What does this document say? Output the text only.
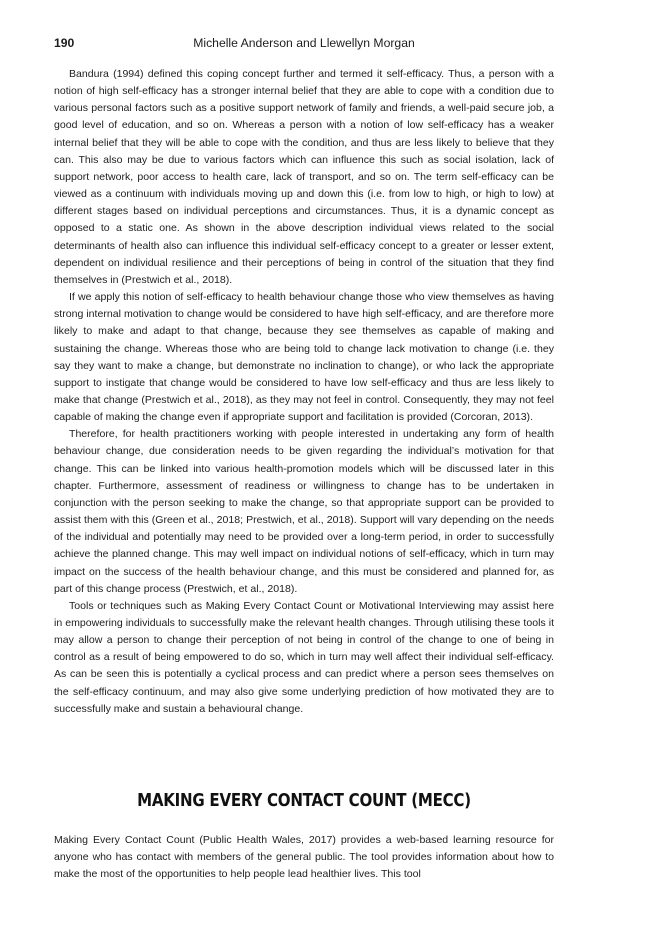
190	Michelle Anderson and Llewellyn Morgan

Bandura (1994) defined this coping concept further and termed it self-efficacy. Thus, a person with a notion of high self-efficacy has a stronger internal belief that they are able to cope with a condition due to various personal factors such as a positive support network of family and friends, a well-paid secure job, a good level of education, and so on. Whereas a person with a notion of low self-efficacy has a weaker internal belief that they will be able to cope with the condition, and thus are less likely to believe that they can. This also may be due to various factors which can influence this such as social isolation, lack of support network, poor access to health care, lack of transport, and so on. The term self-efficacy can be viewed as a continuum with individuals moving up and down this (i.e. from low to high, or high to low) at different stages based on individual perceptions and circumstances. Thus, it is a dynamic concept as opposed to a static one. As shown in the above description individual views related to the social determinants of health also can influence this individual self-efficacy concept to a greater or lesser extent, dependent on individual resilience and their perceptions of being in control of the situation that they find themselves in (Prestwich et al., 2018).

If we apply this notion of self-efficacy to health behaviour change those who view themselves as having strong internal motivation to change would be considered to have high self-efficacy, and are therefore more likely to make and adapt to that change, because they see themselves as capable of making and sustaining the change. Whereas those who are being told to change lack motivation to change (i.e. they say they want to make a change, but demonstrate no inclination to change), or who lack the appropriate support to instigate that change would be considered to have low self-efficacy and thus are less likely to make that change (Prestwich et al., 2018), as they may not feel in control. Consequently, they may not feel capable of making the change even if appropriate support and facilitation is provided (Corcoran, 2013).

Therefore, for health practitioners working with people interested in undertaking any form of health behaviour change, due consideration needs to be given regarding the individual’s motivation for that change. This can be linked into various health-promotion models which will be discussed later in this chapter. Furthermore, assessment of readiness or willingness to change has to be undertaken in conjunction with the person seeking to make the change, so that appropriate support can be provided to assist them with this (Green et al., 2018; Prestwich, et al., 2018). Support will vary depending on the needs of the individual and potentially may need to be provided over a long-term period, in order to successfully achieve the planned change. This may well impact on individual notions of self-efficacy, which in turn may impact on the success of the health behaviour change, and this must be considered and planned for, as part of this change process (Prestwich, et al., 2018).

Tools or techniques such as Making Every Contact Count or Motivational Interviewing may assist here in empowering individuals to successfully make the relevant health changes. Through utilising these tools it may allow a person to change their perception of not being in control of the change to one of being in control as a result of being empowered to do so, which in turn may well affect their individual self-efficacy. As can be seen this is potentially a cyclical process and can predict where a person sees themselves on the self-efficacy continuum, and may also give some underlying prediction of how motivated they are to successfully make and sustain a behavioural change.

MAKING EVERY CONTACT COUNT (MECC)

Making Every Contact Count (Public Health Wales, 2017) provides a web-based learning resource for anyone who has contact with members of the general public. The tool provides information about how to make the most of the opportunities to help people lead healthier lives. This tool
